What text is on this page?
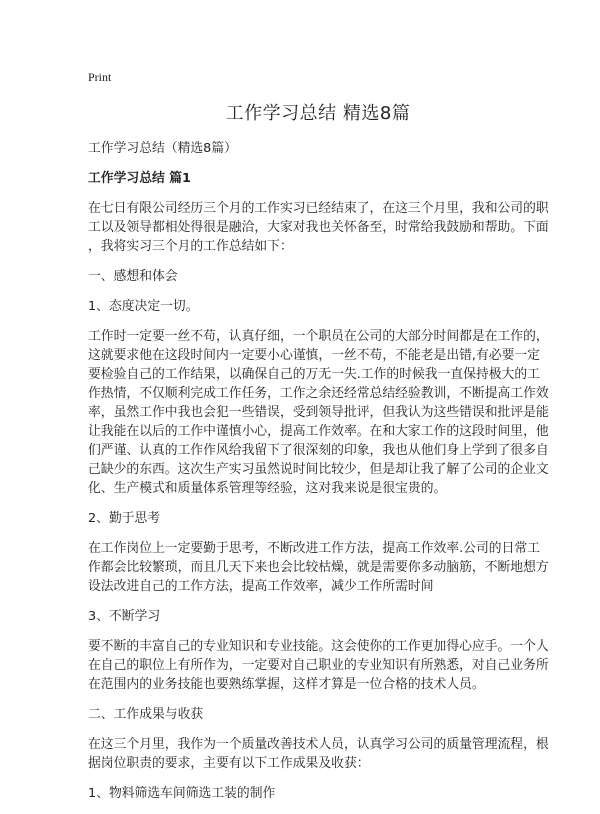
Print
工作学习总结 精选8篇

工作学习总结（精选8篇）

工作学习总结 篇1

在七日有限公司经历三个月的工作实习已经结束了，在这三个月里，我和公司的职
工以及领导都相处得很是融洽，大家对我也关怀备至，时常给我鼓励和帮助。下面
，我将实习三个月的工作总结如下：

一、感想和体会

1、态度决定一切。

工作时一定要一丝不苟，认真仔细，一个职员在公司的大部分时间都是在工作的，
这就要求他在这段时间内一定要小心谨慎，一丝不苟，不能老是出错,有必要一定
要检验自己的工作结果，以确保自己的万无一失.工作的时候我一直保持极大的工
作热情，不仅顺利完成工作任务，工作之余还经常总结经验教训，不断提高工作效
率，虽然工作中我也会犯一些错误，受到领导批评，但我认为这些错误和批评是能
让我能在以后的工作中谨慎小心，提高工作效率。在和大家工作的这段时间里，他
们严谨、认真的工作作风给我留下了很深刻的印象，我也从他们身上学到了很多自
己缺少的东西。这次生产实习虽然说时间比较少，但是却让我了解了公司的企业文
化、生产模式和质量体系管理等经验，这对我来说是很宝贵的。

2、勤于思考

在工作岗位上一定要勤于思考，不断改进工作方法，提高工作效率.公司的日常工
作都会比较繁琐，而且几天下来也会比较枯燥，就是需要你多动脑筋，不断地想方
设法改进自己的工作方法，提高工作效率，减少工作所需时间

3、不断学习

要不断的丰富自己的专业知识和专业技能。这会使你的工作更加得心应手。一个人
在自己的职位上有所作为，一定要对自己职业的专业知识有所熟悉，对自己业务所
在范围内的业务技能也要熟练掌握，这样才算是一位合格的技术人员。

二、工作成果与收获

在这三个月里，我作为一个质量改善技术人员，认真学习公司的质量管理流程，根
据岗位职责的要求，主要有以下工作成果及收获：

1、物料筛选车间筛选工装的制作
